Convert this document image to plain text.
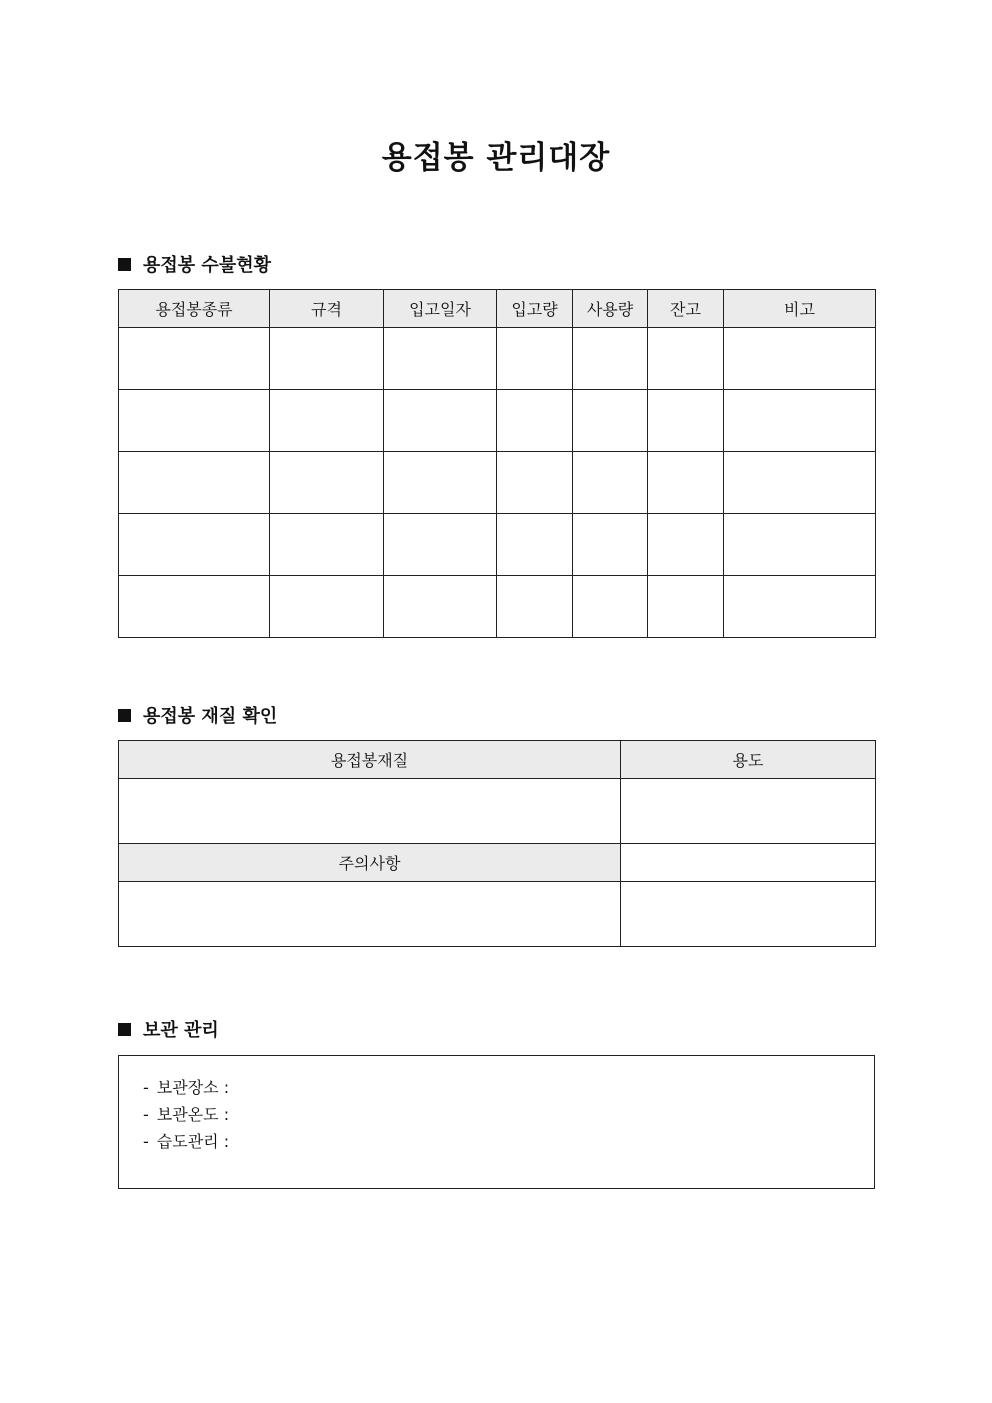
용접봉 관리대장
용접봉 수불현황
용접봉종류	규격	입고일자	입고량	사용량	잔고	비고

용접봉 재질 확인
용접봉재질	용도

주의사항	

보관 관리
- 보관장소 :
- 보관온도 :
- 습도관리 :
